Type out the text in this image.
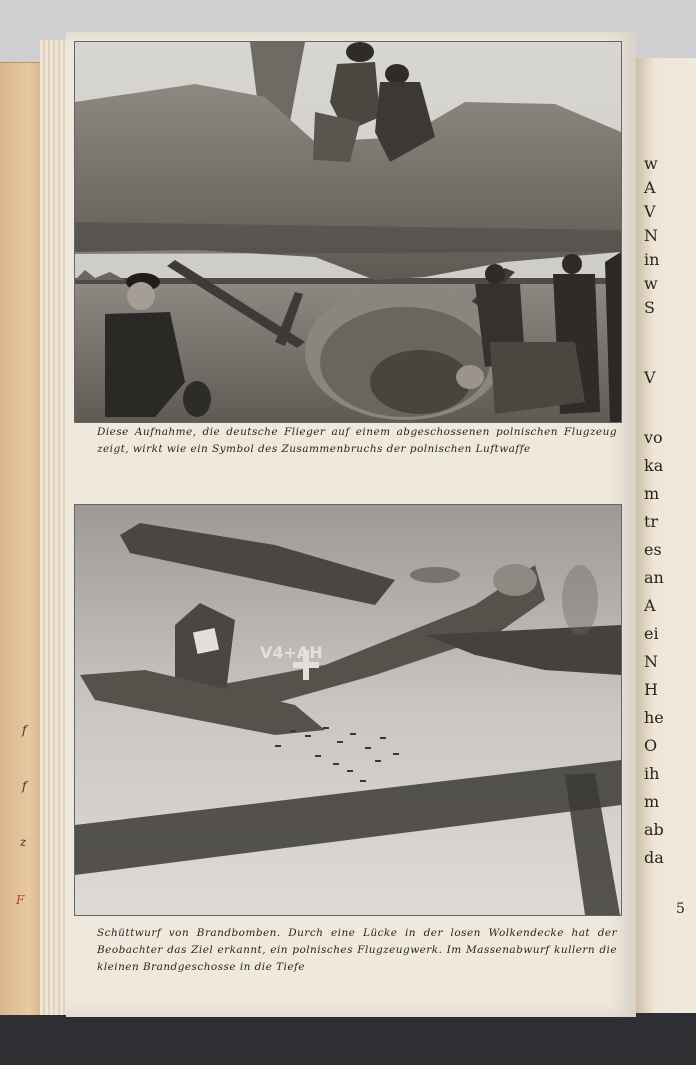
f
f
z
F
w
A
V
N
in
w
S
V
vo
ka
m
tr
es
an
A
ei
N
H
he
O
ih
m
ab
da
5
Diese Aufnahme, die deutsche Flieger auf einem abgeschossenen polnischen Flugzeug zeigt, wirkt wie ein Symbol des Zusammenbruchs der polnischen Luftwaffe
V4+AH
Schüttwurf von Brandbomben. Durch eine Lücke in der losen Wolkendecke hat der Beobachter das Ziel erkannt, ein polnisches Flugzeugwerk. Im Massenabwurf kullern die kleinen Brandgeschosse in die Tiefe
